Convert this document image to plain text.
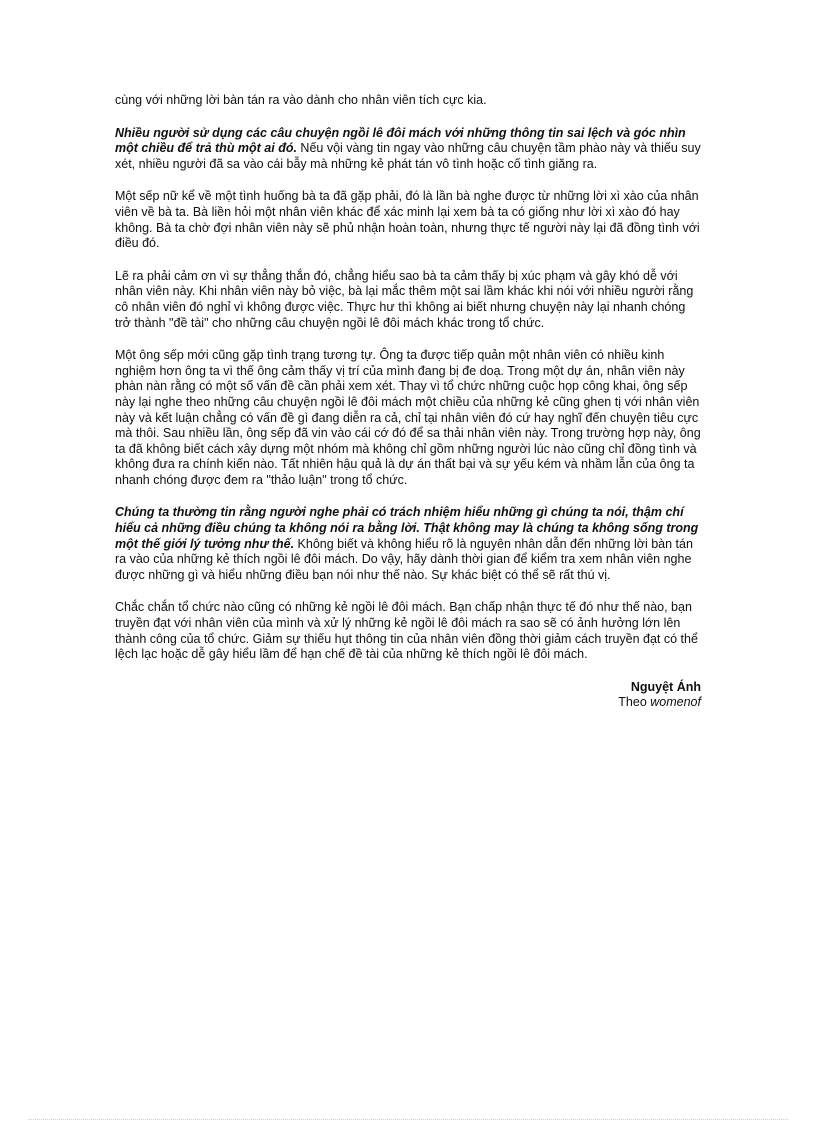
cùng với những lời bàn tán ra vào dành cho nhân viên tích cực kia.

Nhiều người sử dụng các câu chuyện ngồi lê đôi mách với những thông tin sai lệch và góc nhìn một chiều để trả thù một ai đó. Nếu vội vàng tin ngay vào những câu chuyện tầm phào này và thiếu suy xét, nhiều người đã sa vào cái bẫy mà những kẻ phát tán vô tình hoặc cố tình giăng ra.

Một sếp nữ kể về một tình huống bà ta đã gặp phải, đó là lần bà nghe được từ những lời xì xào của nhân viên về bà ta. Bà liền hỏi một nhân viên khác để xác minh lại xem bà ta có giống như lời xì xào đó hay không. Bà ta chờ đợi nhân viên này sẽ phủ nhận hoàn toàn, nhưng thực tế người này lại đã đồng tình với điều đó.

Lẽ ra phải cảm ơn vì sự thẳng thắn đó, chẳng hiểu sao bà ta cảm thấy bị xúc phạm và gây khó dễ với nhân viên này. Khi nhân viên này bỏ việc, bà lại mắc thêm một sai lầm khác khi nói với nhiều người rằng cô nhân viên đó nghỉ vì không được việc. Thực hư thì không ai biết nhưng chuyện này lại nhanh chóng trở thành "đề tài" cho những câu chuyện ngồi lê đôi mách khác trong tổ chức.

Một ông sếp mới cũng gặp tình trạng tương tự. Ông ta được tiếp quản một nhân viên có nhiều kinh nghiệm hơn ông ta vì thế ông cảm thấy vị trí của mình đang bị đe doạ. Trong một dự án, nhân viên này phàn nàn rằng có một số vấn đề cần phải xem xét. Thay vì tổ chức những cuộc họp công khai, ông sếp này lại nghe theo những câu chuyện ngồi lê đôi mách một chiều của những kẻ cũng ghen tị với nhân viên này và kết luận chẳng có vấn đề gì đang diễn ra cả, chỉ tại nhân viên đó cứ hay nghĩ đến chuyện tiêu cực mà thôi. Sau nhiều lần, ông sếp đã vin vào cái cớ đó để sa thải nhân viên này. Trong trường hợp này, ông ta đã không biết cách xây dựng một nhóm mà không chỉ gồm những người lúc nào cũng chỉ đồng tình và không đưa ra chính kiến nào. Tất nhiên hậu quả là dự án thất bại và sự yếu kém và nhầm lẫn của ông ta nhanh chóng được đem ra "thảo luận" trong tổ chức.

Chúng ta thường tin rằng người nghe phải có trách nhiệm hiểu những gì chúng ta nói, thậm chí hiểu cả những điều chúng ta không nói ra bằng lời. Thật không may là chúng ta không sống trong một thế giới lý tưởng như thế. Không biết và không hiểu rõ là nguyên nhân dẫn đến những lời bàn tán ra vào của những kẻ thích ngồi lê đôi mách. Do vậy, hãy dành thời gian để kiểm tra xem nhân viên nghe được những gì và hiểu những điều bạn nói như thế nào. Sự khác biệt có thể sẽ rất thú vị.

Chắc chắn tổ chức nào cũng có những kẻ ngồi lê đôi mách. Bạn chấp nhận thực tế đó như thế nào, bạn truyền đạt với nhân viên của mình và xử lý những kẻ ngồi lê đôi mách ra sao sẽ có ảnh hưởng lớn lên thành công của tổ chức. Giảm sự thiếu hụt thông tin của nhân viên đồng thời giảm cách truyền đạt có thể lệch lạc hoặc dễ gây hiểu lầm để hạn chế đề tài của những kẻ thích ngồi lê đôi mách.

Nguyệt Ánh
Theo womenof
